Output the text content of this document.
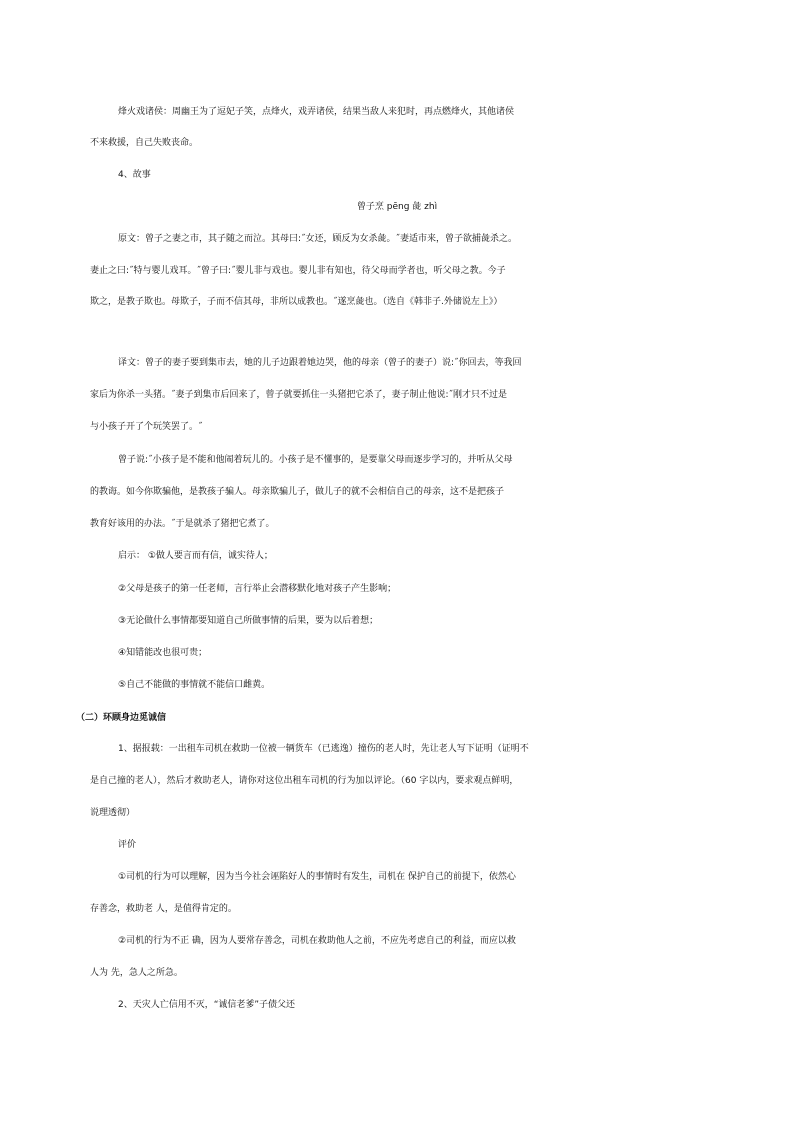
烽火戏诸侯：周幽王为了逗妃子笑，点烽火，戏弄诸侯，结果当敌人来犯时，再点燃烽火，其他诸侯
不来救援，自己失败丧命。
4、故事
曾子烹 pēng 彘 zhì
原文：曾子之妻之市，其子随之而泣。其母曰:˝女还，顾反为女杀彘。˝妻适市来，曾子欲捕彘杀之。
妻止之曰:˝特与婴儿戏耳。˝曾子曰:˝婴儿非与戏也。婴儿非有知也，待父母而学者也，听父母之教。今子
欺之，是教子欺也。母欺子，子而不信其母，非所以成教也。˝遂烹彘也。（选自《韩非子.外储说左上》）
译文：曾子的妻子要到集市去，她的儿子边跟着她边哭，他的母亲（曾子的妻子）说:˝你回去，等我回
家后为你杀一头猪。˝妻子到集市后回来了，曾子就要抓住一头猪把它杀了，妻子制止他说:˝刚才只不过是
与小孩子开了个玩笑罢了。˝
曾子说:˝小孩子是不能和他闹着玩儿的。小孩子是不懂事的，是要靠父母而逐步学习的，并听从父母
的教诲。如今你欺骗他，是教孩子骗人。母亲欺骗儿子，做儿子的就不会相信自己的母亲，这不是把孩子
教育好该用的办法。˝于是就杀了猪把它煮了。
启示： ①做人要言而有信，诚实待人；
②父母是孩子的第一任老师，言行举止会潜移默化地对孩子产生影响；
③无论做什么事情都要知道自己所做事情的后果，要为以后着想；
④知错能改也很可贵；
⑤自己不能做的事情就不能信口雌黄。
（二）环顾身边觅诚信
1、据报载：一出租车司机在救助一位被一辆货车（已逃逸）撞伤的老人时，先让老人写下证明（证明不
是自己撞的老人），然后才救助老人，请你对这位出租车司机的行为加以评论。（60 字以内，要求观点鲜明，
说理透彻）
评价
①司机的行为可以理解，因为当今社会诬陷好人的事情时有发生，司机在 保护自己的前提下，依然心
存善念，救助老 人，是值得肯定的。
②司机的行为不正 确，因为人要常存善念，司机在救助他人之前，不应先考虑自己的利益，而应以救
人为 先，急人之所急。
2、天灾人亡信用不灭，“诚信老爹”子债父还
